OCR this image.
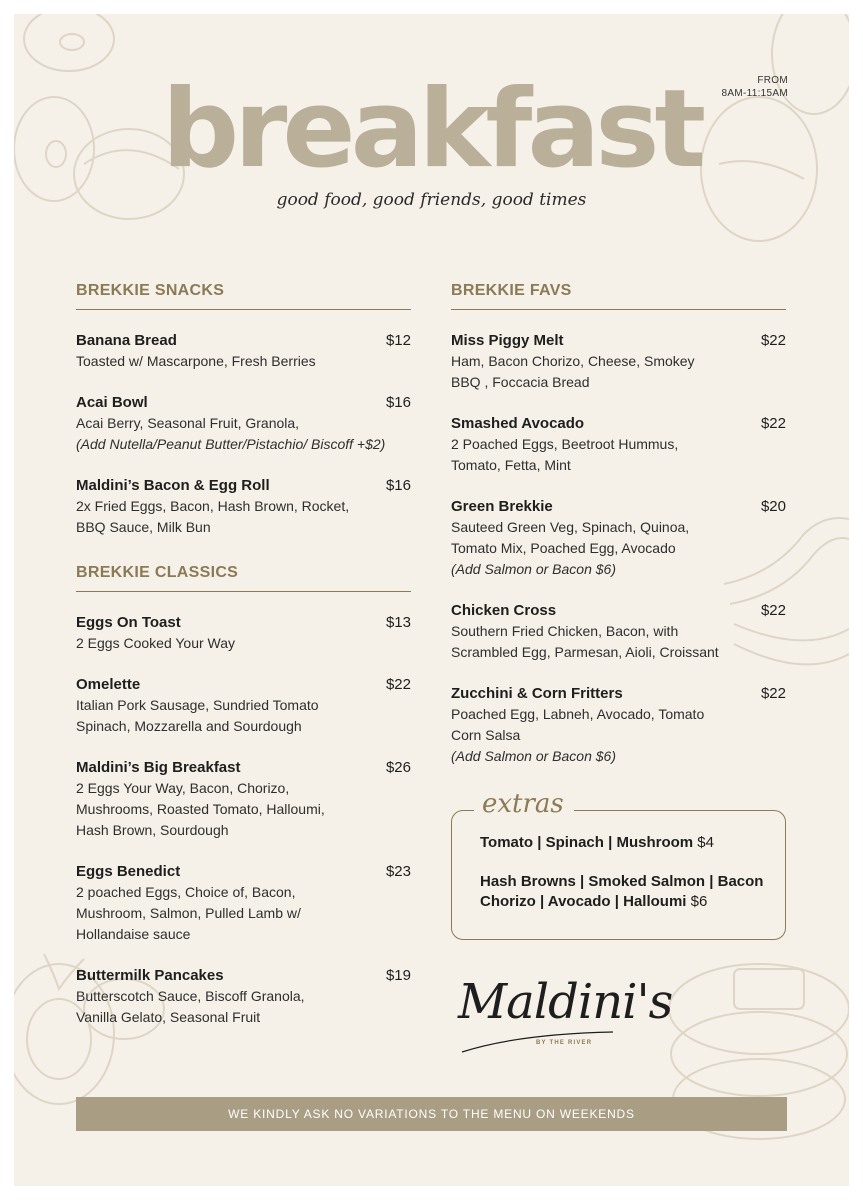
FROM
8AM-11:15AM
breakfast
good food, good friends, good times
BREKKIE SNACKS
Banana Bread	$12
Toasted w/ Mascarpone, Fresh Berries
Acai Bowl	$16
Acai Berry, Seasonal Fruit, Granola,
(Add Nutella/Peanut Butter/Pistachio/ Biscoff +$2)
Maldini’s Bacon & Egg Roll	$16
2x Fried Eggs, Bacon, Hash Brown, Rocket,
BBQ Sauce, Milk Bun
BREKKIE CLASSICS
Eggs On Toast	$13
2 Eggs Cooked Your Way
Omelette	$22
Italian Pork Sausage, Sundried Tomato
Spinach, Mozzarella and Sourdough
Maldini’s Big Breakfast	$26
2 Eggs Your Way, Bacon, Chorizo,
Mushrooms, Roasted Tomato, Halloumi,
Hash Brown, Sourdough
Eggs Benedict	$23
2 poached Eggs, Choice of, Bacon,
Mushroom, Salmon, Pulled Lamb w/
Hollandaise sauce
Buttermilk Pancakes	$19
Butterscotch Sauce, Biscoff Granola,
Vanilla Gelato, Seasonal Fruit
BREKKIE FAVS
Miss Piggy Melt	$22
Ham, Bacon Chorizo, Cheese, Smokey
BBQ , Foccacia Bread
Smashed Avocado	$22
2 Poached Eggs, Beetroot Hummus,
Tomato, Fetta, Mint
Green Brekkie	$20
Sauteed Green Veg, Spinach, Quinoa,
Tomato Mix, Poached Egg, Avocado
(Add Salmon or Bacon $6)
Chicken Cross	$22
Southern Fried Chicken, Bacon, with
Scrambled Egg, Parmesan, Aioli, Croissant
Zucchini & Corn Fritters	$22
Poached Egg, Labneh, Avocado, Tomato
Corn Salsa
(Add Salmon or Bacon $6)
extras
Tomato | Spinach | Mushroom $4
Hash Browns | Smoked Salmon | Bacon
Chorizo | Avocado | Halloumi $6
Maldini's
BY THE RIVER
WE KINDLY ASK NO VARIATIONS TO THE MENU ON WEEKENDS
